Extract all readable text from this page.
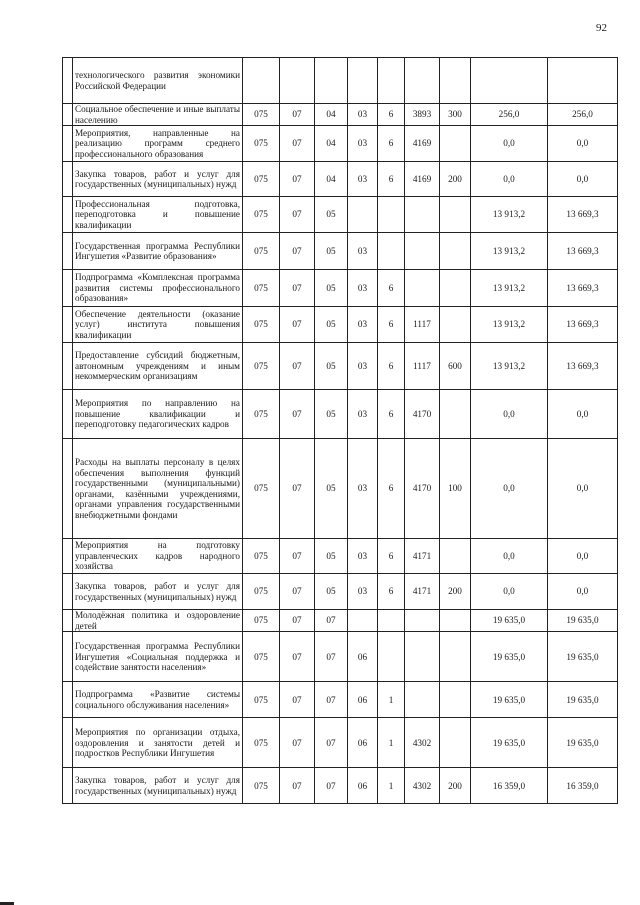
92
	технологического развития экономики Российской Федерации									
	Социальное обеспечение и иные выплаты населению	075	07	04	03	6	3893	300	256,0	256,0
	Мероприятия, направленные на реализацию программ среднего профессионального образования	075	07	04	03	6	4169		0,0	0,0
	Закупка товаров, работ и услуг для государственных (муниципальных) нужд	075	07	04	03	6	4169	200	0,0	0,0
	Профессиональная подготовка, переподготовка и повышение квалификации	075	07	05					13 913,2	13 669,3
	Государственная программа Республики Ингушетия «Развитие образования»	075	07	05	03				13 913,2	13 669,3
	Подпрограмма «Комплексная программа развития системы профессионального образования»	075	07	05	03	6			13 913,2	13 669,3
	Обеспечение деятельности (оказание услуг) институтa повышения квалификации	075	07	05	03	6	1117		13 913,2	13 669,3
	Предоставление субсидий бюджетным, автономным учреждениям и иным некоммерческим организациям	075	07	05	03	6	1117	600	13 913,2	13 669,3
	Мероприятия по направлению на повышение квалификации и переподготовку педагогических кадров	075	07	05	03	6	4170		0,0	0,0
	Расходы на выплаты персоналу в целях обеспечения выполнения функций государственными (муниципальными) органами, казёнными учреждениями, органами управления государственными внебюджетными фондами	075	07	05	03	6	4170	100	0,0	0,0
	Мероприятия на подготовку управленческих кадров народного хозяйства	075	07	05	03	6	4171		0,0	0,0
	Закупка товаров, работ и услуг для государственных (муниципальных) нужд	075	07	05	03	6	4171	200	0,0	0,0
	Молодёжная политика и оздоровление детей	075	07	07					19 635,0	19 635,0
	Государственная программа Республики Ингушетия «Социальная поддержка и содействие занятости населения»	075	07	07	06				19 635,0	19 635,0
	Подпрограмма «Развитие системы социального обслуживания населения»	075	07	07	06	1			19 635,0	19 635,0
	Мероприятия по организации отдыха, оздоровления и занятости детей и подростков Республики Ингушетия	075	07	07	06	1	4302		19 635,0	19 635,0
	Закупка товаров, работ и услуг для государственных (муниципальных) нужд	075	07	07	06	1	4302	200	16 359,0	16 359,0
